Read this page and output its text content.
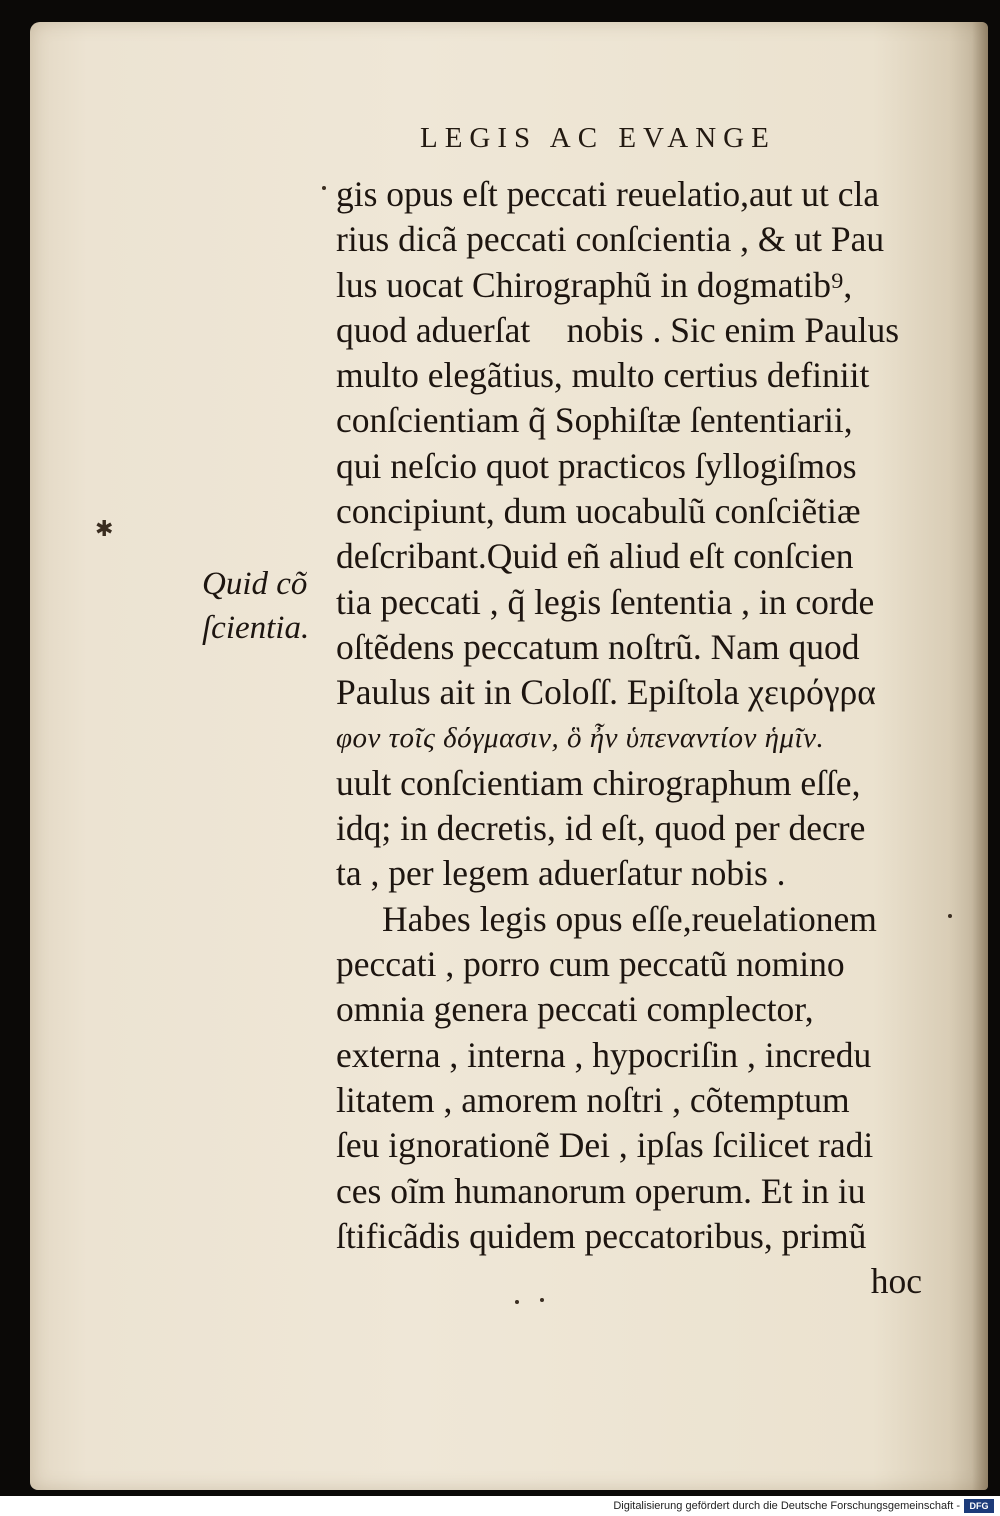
LEGIS AC EVANGE
✱
Quid cõ
ſcientia.
gis opus eſt peccati reuelatio,aut ut cla
rius dicã peccati conſcientia , & ut Pau
lus uocat Chirographũ in dogmatib⁹,
quod aduerſatᷓ nobis . Sic enim Paulus
multo elegãtius, multo certius definiit
conſcientiam q̃ Sophiſtæ ſententiarii,
qui neſcio quot practicos ſyllogiſmos
concipiunt, dum uocabulũ conſciẽtiæ
deſcribant.Quid eñ aliud eſt conſcien
tia peccati , q̃ legis ſententia , in corde
oſtẽdens peccatum noſtrũ. Nam quod
Paulus ait in Coloſſ. Epiſtola χειρόγρα
φον τοῖς δόγμασιν, ὃ ἦν ὑπεναντίον ἡμῖν.
uult conſcientiam chirographum eſſe,
idq; in decretis, id eſt, quod per decre
ta , per legem aduerſatur nobis .
Habes legis opus eſſe,reuelationem
peccati , porro cum peccatũ nomino
omnia genera peccati complector,
externa , interna , hypocriſin , incredu
litatem , amorem noſtri , cõtemptum
ſeu ignorationẽ Dei , ipſas ſcilicet radi
ces oĩm humanorum operum. Et in iu
ſtificãdis quidem peccatoribus, primũ
hoc
Digitalisierung gefördert durch die Deutsche Forschungsgemeinschaft -	DFG
